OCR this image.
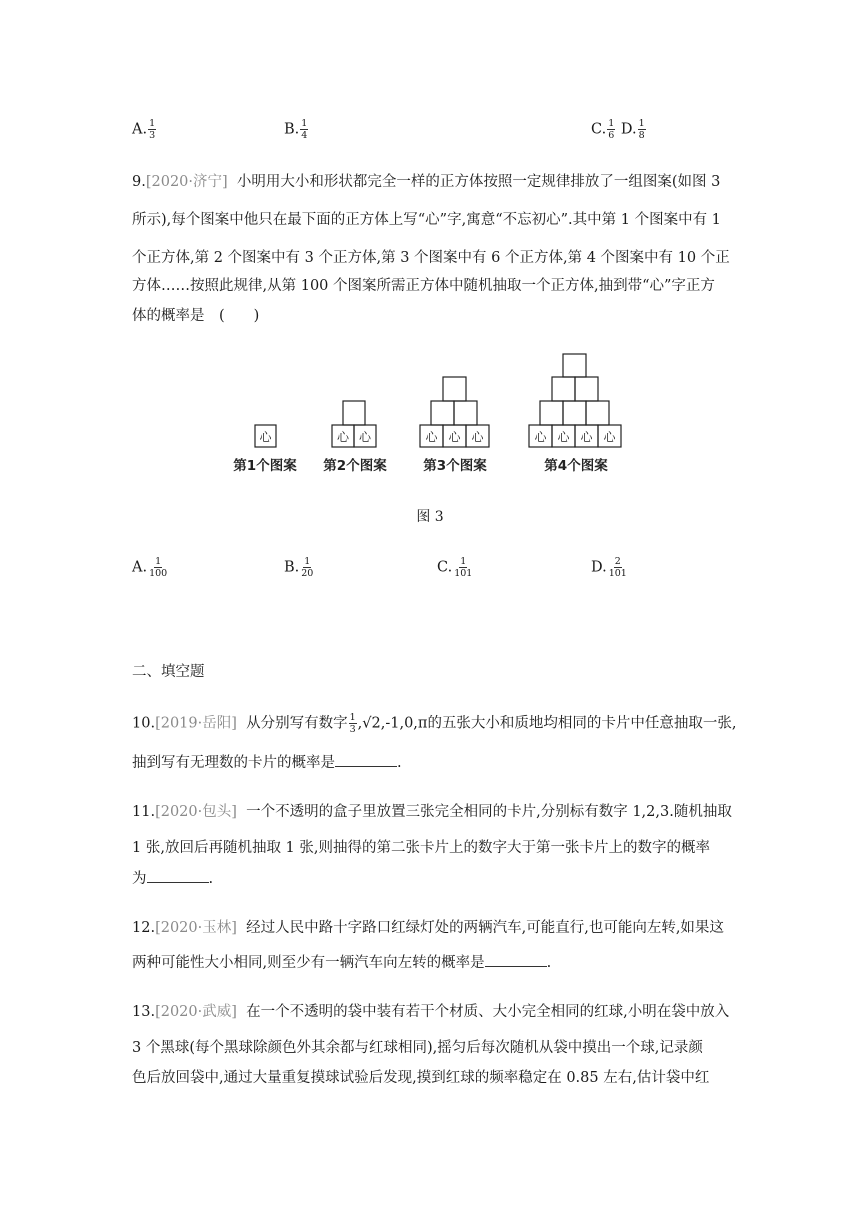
A. $\frac{1}{3}$	B. $\frac{1}{4}$	C. $\frac{1}{6} D$. $\frac{1}{8}$
9.[2020·济宁] 小明用大小和形状都完全一样的正方体按照一定规律排放了一组图案(如图 3
所示),每个图案中他只在最下面的正方体上写“心”字,寓意“不忘初心”.其中第 1 个图案中有 1
个正方体,第 2 个图案中有 3 个正方体,第 3 个图案中有 6 个正方体,第 4 个图案中有 10 个正
方体……按照此规律,从第 100 个图案所需正方体中随机抽取一个正方体,抽到带“心”字正方
体的概率是　(　　)
心	心 心	心 心 心	心 心 心 心
第1个图案 第2个图案	第3个图案	第4个图案
图 3
A. $\frac{1}{100}$	B. $\frac{1}{20}$	C. $\frac{1}{101}$	D. $\frac{2}{101}$
二、填空题
10.[2019·岳阳] 从分别写有数字 $\frac{1}{3} ,√2,-1,0,\pi$的五张大小和质地均相同的卡片中任意抽取一张,
抽到写有无理数的卡片的概率是	.
11.[2020·包头] 一个不透明的盒子里放置三张完全相同的卡片,分别标有数字 1,2,3.随机抽取
1 张,放回后再随机抽取 1 张,则抽得的第二张卡片上的数字大于第一张卡片上的数字的概率
为	.
12.[2020·玉林] 经过人民中路十字路口红绿灯处的两辆汽车,可能直行,也可能向左转,如果这
两种可能性大小相同,则至少有一辆汽车向左转的概率是	.
13.[2020·武威] 在一个不透明的袋中装有若干个材质、大小完全相同的红球,小明在袋中放入
3 个黑球(每个黑球除颜色外其余都与红球相同),摇匀后每次随机从袋中摸出一个球,记录颜
色后放回袋中,通过大量重复摸球试验后发现,摸到红球的频率稳定在 0.85 左右,估计袋中红
